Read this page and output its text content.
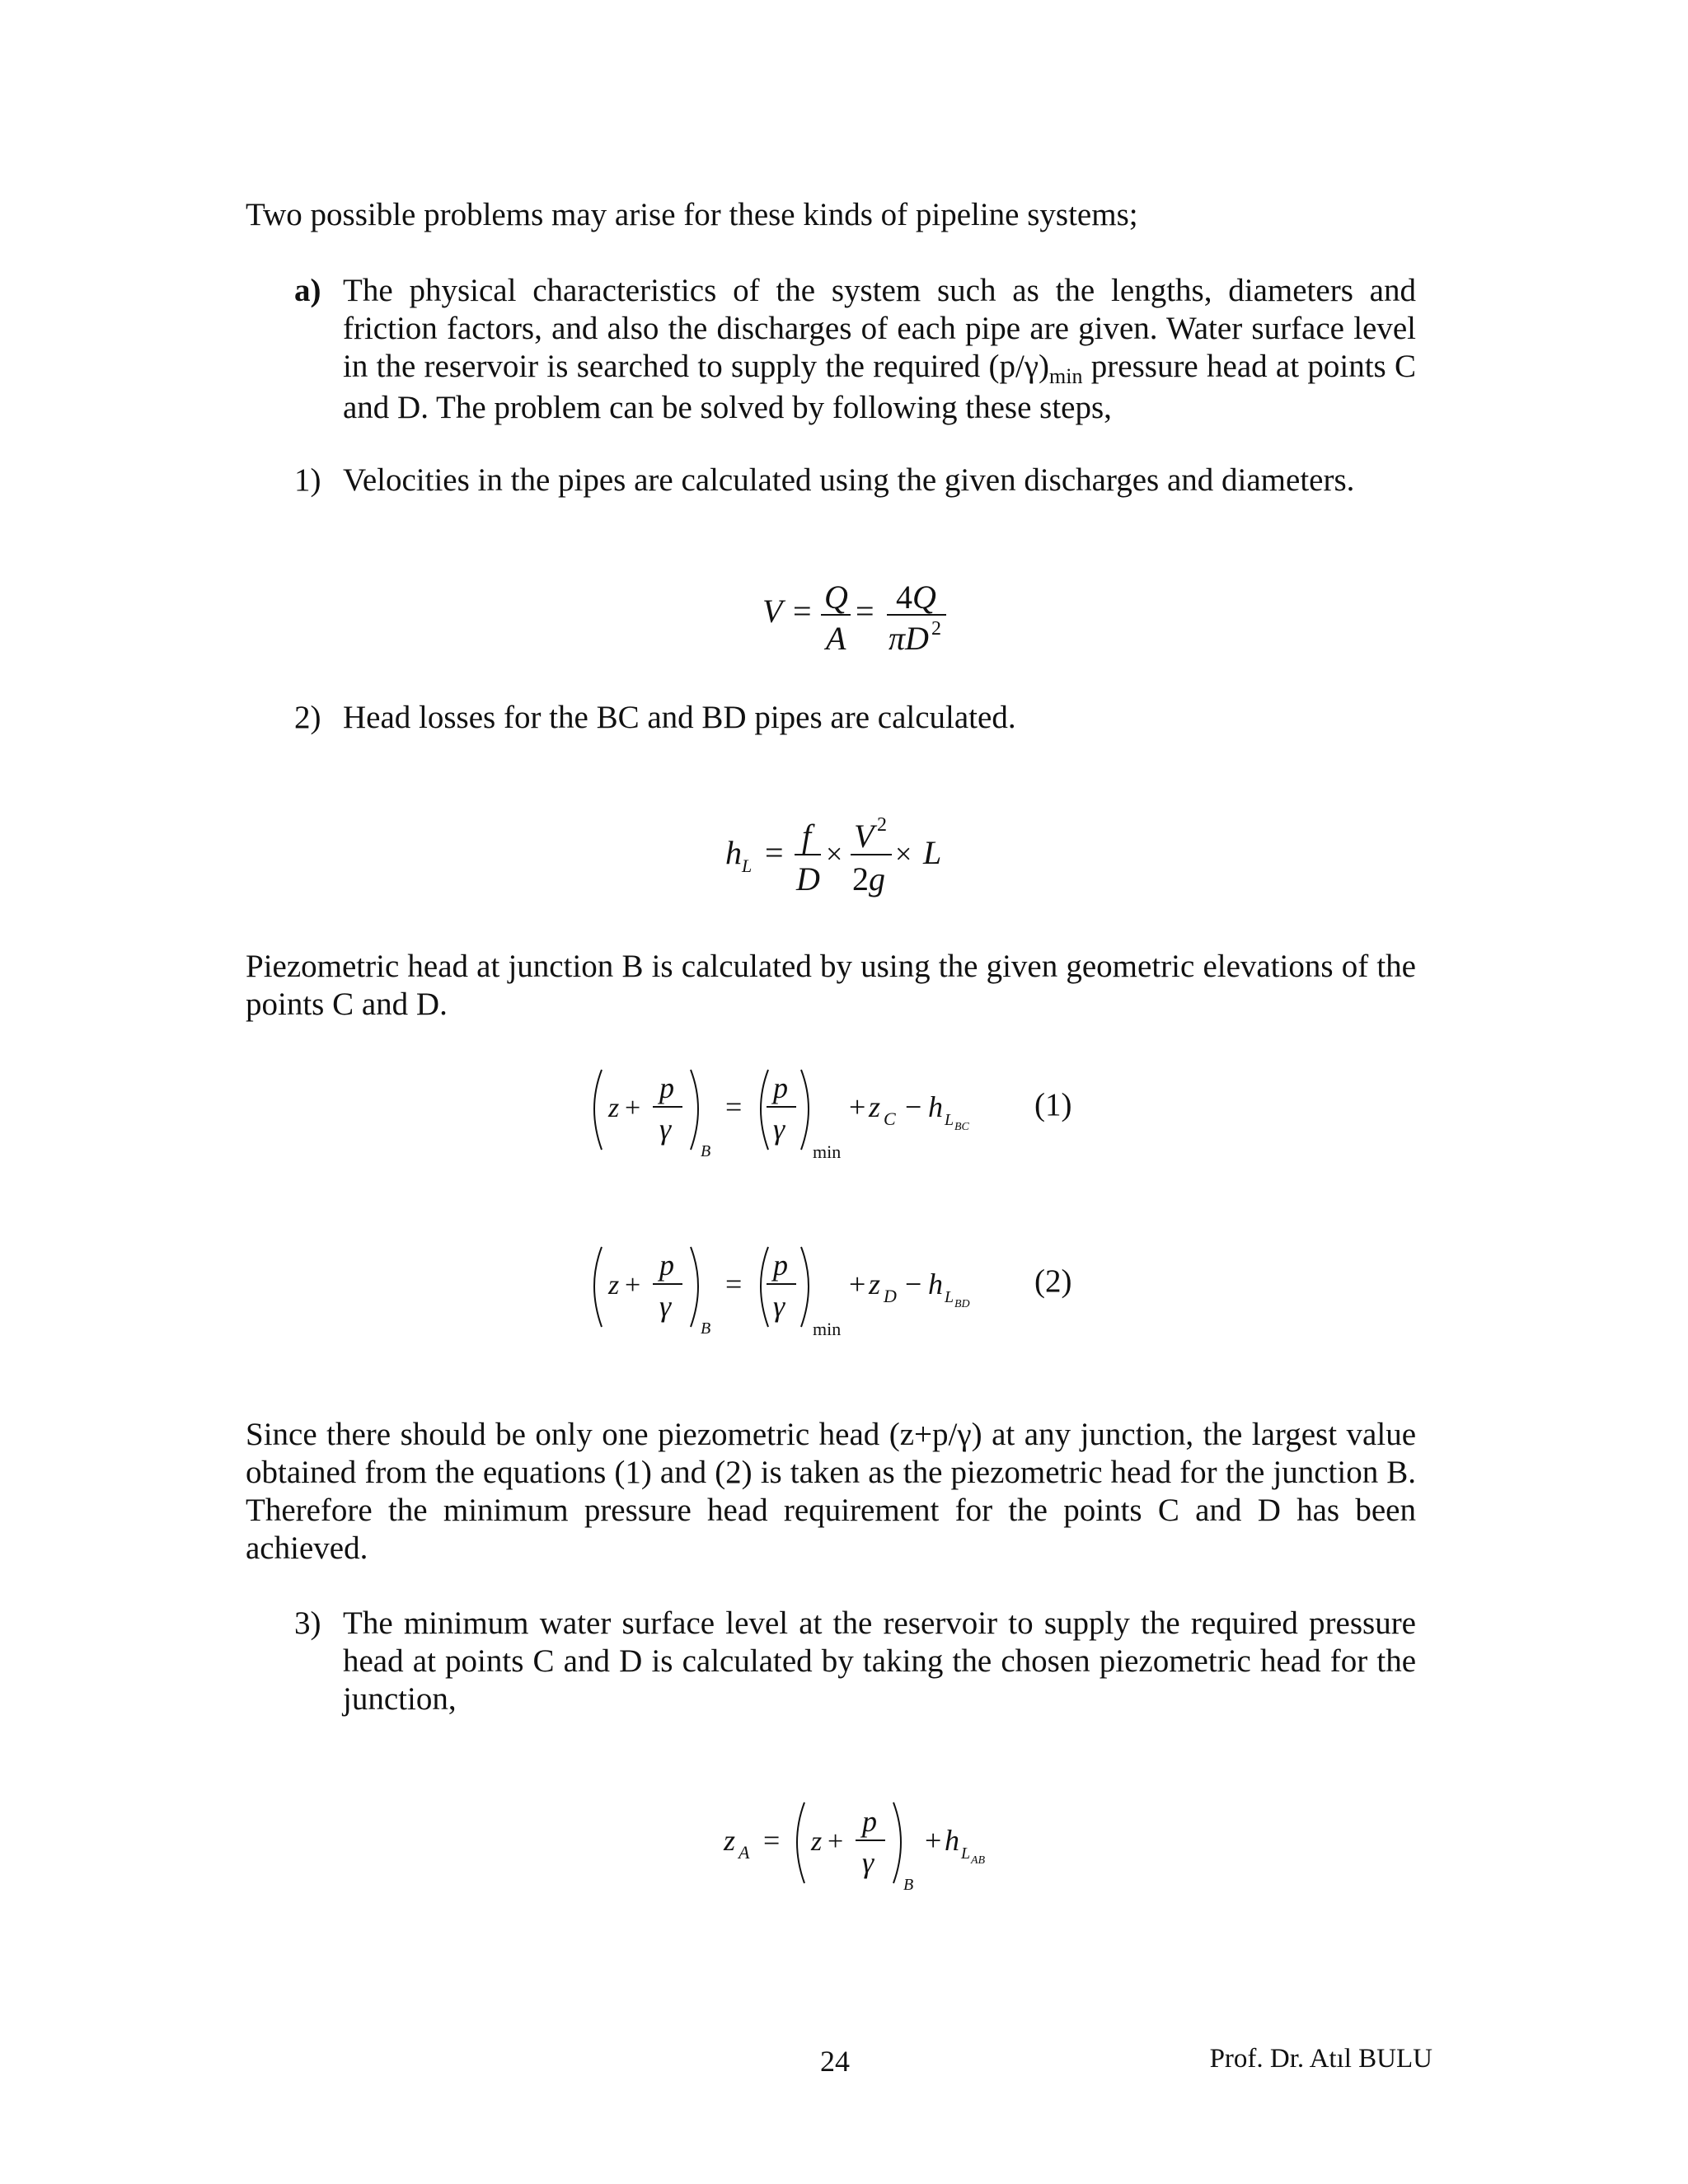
Two possible problems may arise for these kinds of pipeline systems;

a) The physical characteristics of the system such as the lengths, diameters and friction factors, and also the discharges of each pipe are given. Water surface level in the reservoir is searched to supply the required $(p/\gamma)_{min}$ pressure head at points C and D. The problem can be solved by following these steps,

1) Velocities in the pipes are calculated using the given discharges and diameters.

V = Q
A
= 4Q
πD 2
2) Head losses for the BC and BD pipes are calculated.

h L = f
D
× V 2
2g
× L

Piezometric head at junction B is calculated by using the given geometric elevations of the points C and D.

z +
p
γ
B
=
p
γ
min
+ z C − h L BC
(1)
z +
p
γ
B
=
p
γ
min
+ z D − h L BD
(2)

Since there should be only one piezometric head (z+p/γ) at any junction, the largest value obtained from the equations (1) and (2) is taken as the piezometric head for the junction B. Therefore the minimum pressure head requirement for the points C and D has been achieved.

3) The minimum water surface level at the reservoir to supply the required pressure head at points C and D is calculated by taking the chosen piezometric head for the junction,

z A = z +
p
γ
B
+ h L AB
24	Prof. Dr. Atıl BULU
